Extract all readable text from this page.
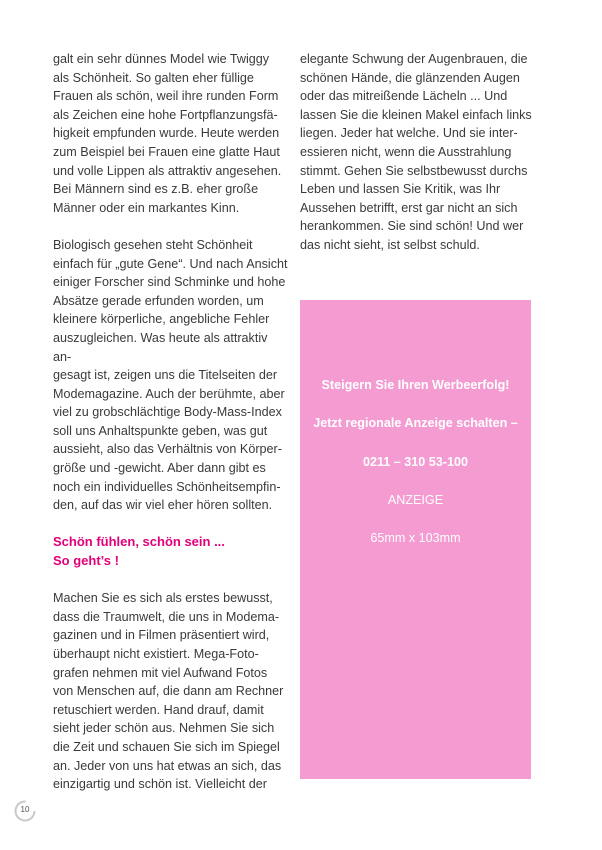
galt ein sehr dünnes Model wie Twiggy
als Schönheit. So galten eher füllige
Frauen als schön, weil ihre runden Form
als Zeichen eine hohe Fortpflanzungsfä-
higkeit empfunden wurde. Heute werden
zum Beispiel bei Frauen eine glatte Haut
und volle Lippen als attraktiv angesehen.
Bei Männern sind es z.B. eher große
Männer oder ein markantes Kinn.

Biologisch gesehen steht Schönheit
einfach für „gute Gene“. Und nach Ansicht
einiger Forscher sind Schminke und hohe
Absätze gerade erfunden worden, um
kleinere körperliche, angebliche Fehler
auszugleichen. Was heute als attraktiv an-
gesagt ist, zeigen uns die Titelseiten der
Modemagazine. Auch der berühmte, aber
viel zu grobschlächtige Body-Mass-Index
soll uns Anhaltspunkte geben, was gut
aussieht, also das Verhältnis von Körper-
größe und -gewicht. Aber dann gibt es
noch ein individuelles Schönheitsempfin-
den, auf das wir viel eher hören sollten.

Schön fühlen, schön sein ...
So geht’s !

Machen Sie es sich als erstes bewusst,
dass die Traumwelt, die uns in Modema-
gazinen und in Filmen präsentiert wird,
überhaupt nicht existiert. Mega-Foto-
grafen nehmen mit viel Aufwand Fotos
von Menschen auf, die dann am Rechner
retuschiert werden. Hand drauf, damit
sieht jeder schön aus. Nehmen Sie sich
die Zeit und schauen Sie sich im Spiegel
an. Jeder von uns hat etwas an sich, das
einzigartig und schön ist. Vielleicht der

elegante Schwung der Augenbrauen, die
schönen Hände, die glänzenden Augen
oder das mitreißende Lächeln ... Und
lassen Sie die kleinen Makel einfach links
liegen. Jeder hat welche. Und sie inter-
essieren nicht, wenn die Ausstrahlung
stimmt. Gehen Sie selbstbewusst durchs
Leben und lassen Sie Kritik, was Ihr
Aussehen betrifft, erst gar nicht an sich
herankommen. Sie sind schön! Und wer
das nicht sieht, ist selbst schuld.

Steigern Sie Ihren Werbeerfolg!
Jetzt regionale Anzeige schalten –
0211 – 310 53-100
ANZEIGE
65mm x 103mm
10
